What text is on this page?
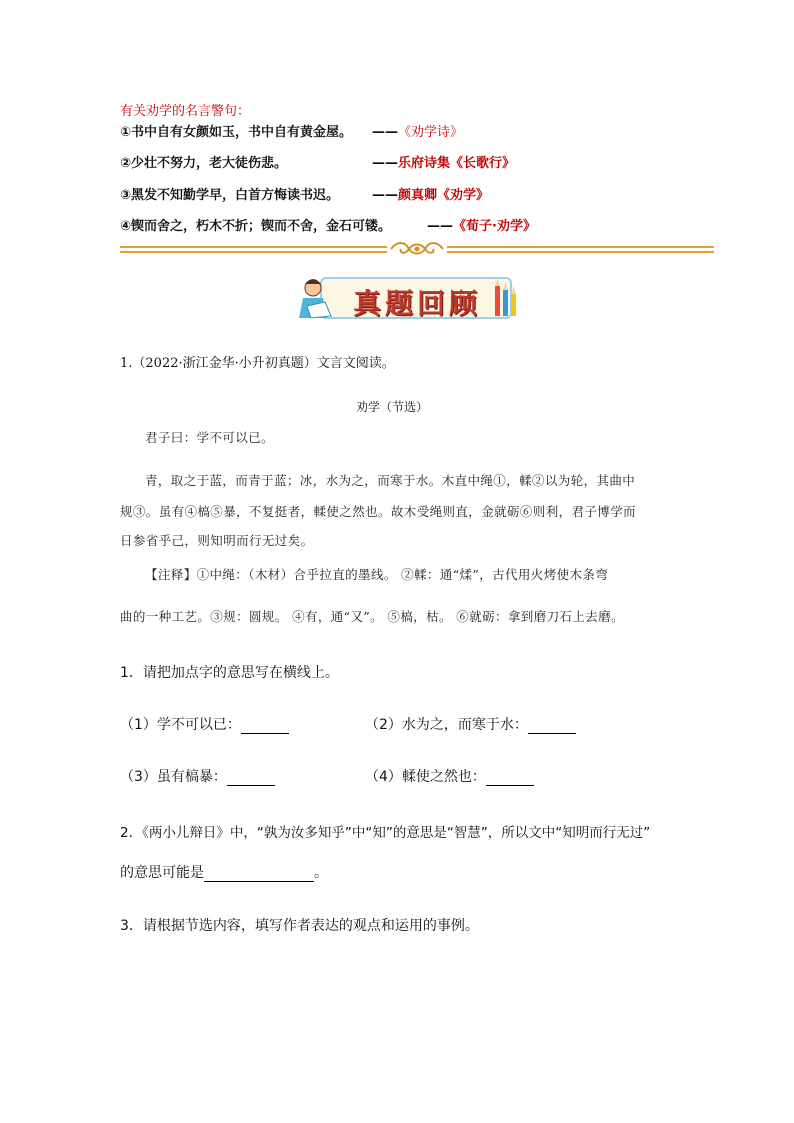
有关劝学的名言警句：
①书中自有女颜如玉，书中自有黄金屋。 ——《劝学诗》
②少壮不努力，老大徒伤悲。	——乐府诗集《长歌行》
③黑发不知勤学早，白首方悔读书迟。	——颜真卿《劝学》
④锲而舍之，朽木不折；锲而不舍，金石可镂。	——《荀子·劝学》
真题回顾
1.（2022·浙江金华·小升初真题）文言文阅读。
劝学（节选）
君子曰：学不可以已。
青，取之于蓝，而青于蓝；冰，水为之，而寒于水。木直中绳①，輮②以为轮，其曲中
规③。虽有④槁⑤暴，不复挺者，輮使之然也。故木受绳则直，金就砺⑥则利，君子博学而
日参省乎己，则知明而行无过矣。
【注释】①中绳：（木材）合乎拉直的墨线。 ②輮：通“煣”，古代用火烤使木条弯
曲的一种工艺。③规：圆规。 ④有，通“又”。 ⑤槁，枯。 ⑥就砺：拿到磨刀石上去磨。
1．请把加点字的意思写在横线上。
（1）学不可以已：	（2）水为之，而寒于水：
（3）虽有槁暴：	（4）輮使之然也：
2．《两小儿辩日》中，“孰为汝多知乎”中“知”的意思是“智慧”，所以文中“知明而行无过”
的意思可能是	。
3．请根据节选内容，填写作者表达的观点和运用的事例。
